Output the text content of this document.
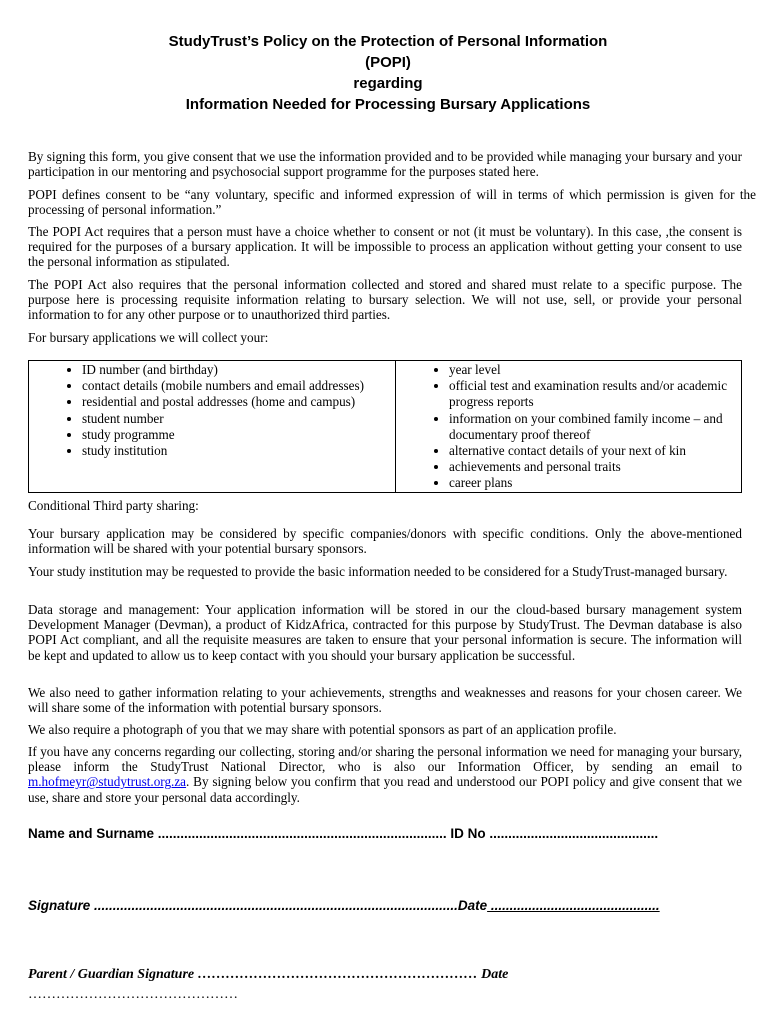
StudyTrust’s Policy on the Protection of Personal Information
(POPI)
regarding
Information Needed for Processing Bursary Applications
By signing this form, you give consent that we use the information provided and to be provided while managing your bursary and your participation in our mentoring and psychosocial support programme for the purposes stated here.
POPI defines consent to be “any voluntary, specific and informed expression of will in terms of which permission is given for the processing of personal information.”
The POPI Act requires that a person must have a choice whether to consent or not (it must be voluntary). In this case, ,the consent is required for the purposes of a bursary application. It will be impossible to process an application without getting your consent to use the personal information as stipulated.
The POPI Act also requires that the personal information collected and stored and shared must relate to a specific purpose. The purpose here is processing requisite information relating to bursary selection. We will not use, sell, or provide your personal information to for any other purpose or to unauthorized third parties.
For bursary applications we will collect your:
• ID number (and birthday)
• contact details (mobile numbers and email addresses)
• residential and postal addresses (home and campus)
• student number
• study programme
• study institution

• year level
• official test and examination results and/or academic progress reports
• information on your combined family income – and documentary proof thereof
• alternative contact details of your next of kin
• achievements and personal traits
• career plans
Conditional Third party sharing:
Your bursary application may be considered by specific companies/donors with specific conditions. Only the above-mentioned information will be shared with your potential bursary sponsors.
Your study institution may be requested to provide the basic information needed to be considered for a StudyTrust-managed bursary.
Data storage and management: Your application information will be stored in our the cloud-based bursary management system Development Manager (Devman), a product of KidzAfrica, contracted for this purpose by StudyTrust. The Devman database is also POPI Act compliant, and all the requisite measures are taken to ensure that your personal information is secure. The information will be kept and updated to allow us to keep contact with you should your bursary application be successful.
We also need to gather information relating to your achievements, strengths and weaknesses and reasons for your chosen career. We will share some of the information with potential bursary sponsors.
We also require a photograph of you that we may share with potential sponsors as part of an application profile.
If you have any concerns regarding our collecting, storing and/or sharing the personal information we need for managing your bursary, please inform the StudyTrust National Director, who is also our Information Officer, by sending an email to m.hofmeyr@studytrust.org.za. By signing below you confirm that you read and understood our POPI policy and give consent that we use, share and store your personal data accordingly.
Name and Surname ............................................................................. ID No .............................................
Signature .................................................................................................Date .............................................
Parent / Guardian Signature …………………………………………………… Date
………………………………………
